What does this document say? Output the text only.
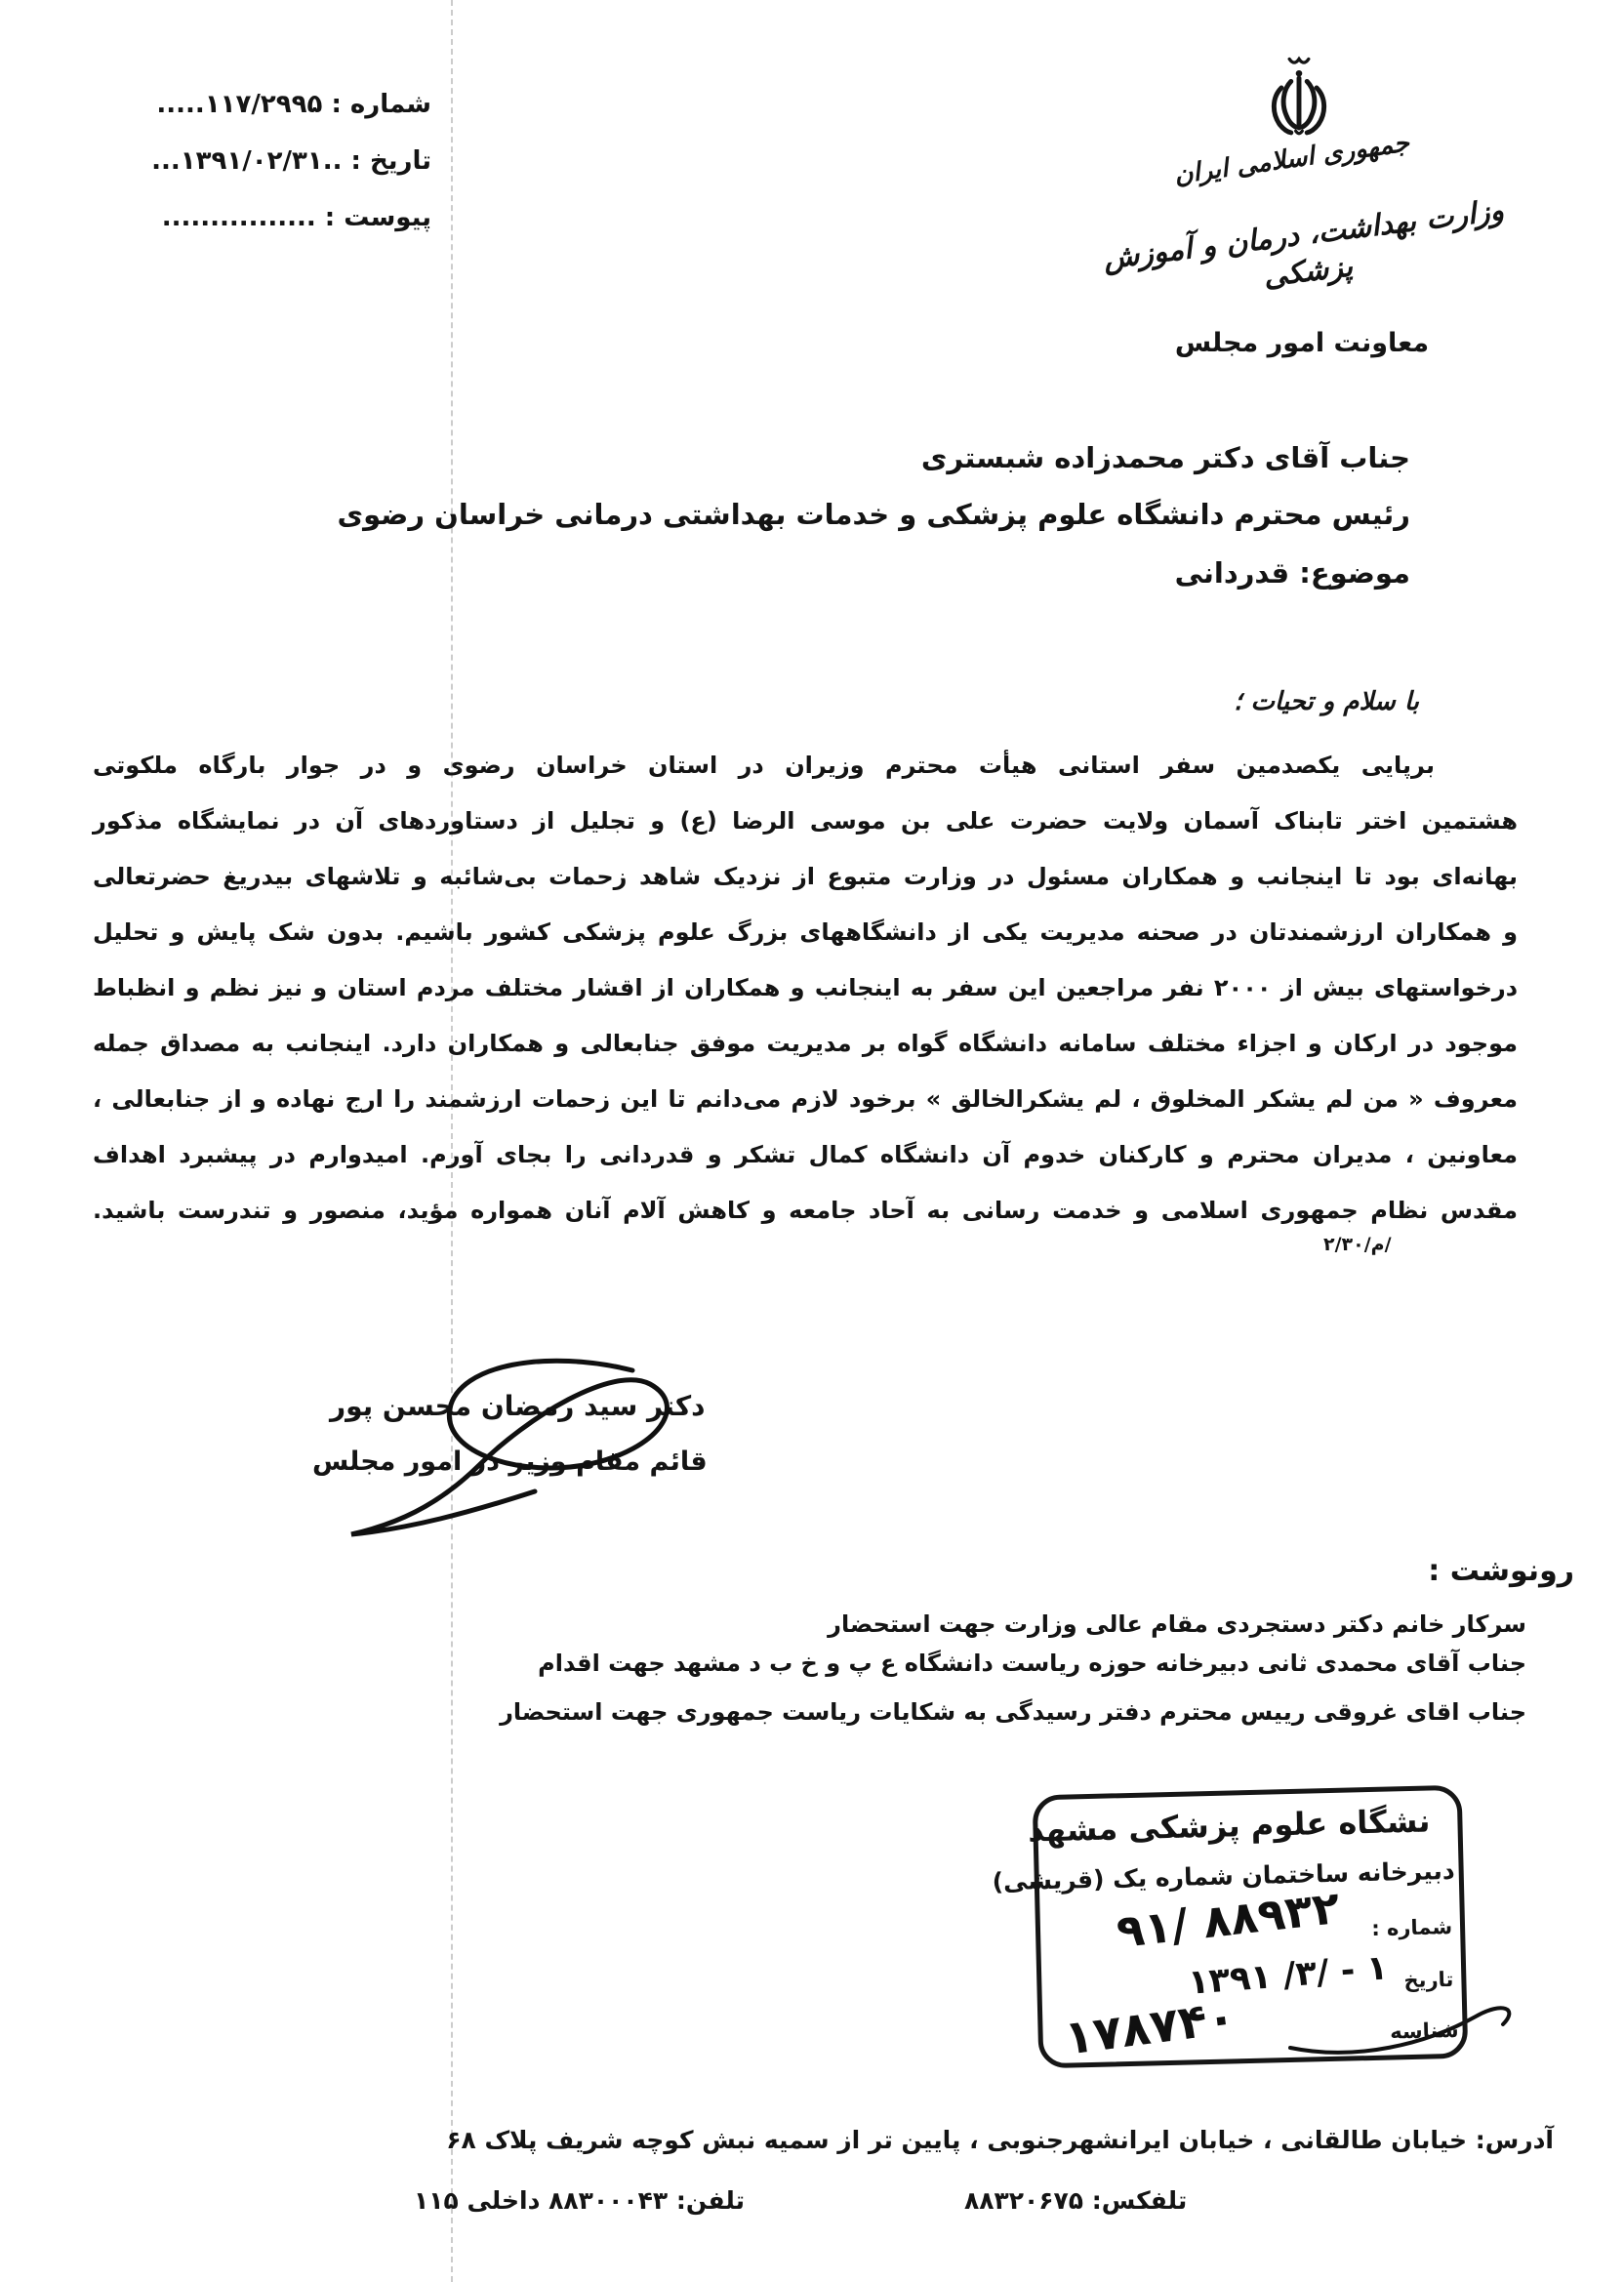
شماره : ۱۱۷/۲۹۹۵.....
تاریخ : ..۱۳۹۱/۰۲/۳۱...
پیوست : ................
جمهوری اسلامی ایران
وزارت بهداشت، درمان و آموزش پزشکی
معاونت امور مجلس
جناب آقای دکتر محمدزاده شبستری
رئیس محترم دانشگاه علوم پزشکی و خدمات بهداشتی درمانی خراسان رضوی
موضوع: قدردانی
با سلام و تحیات ؛
برپایی یکصدمین سفر استانی هیأت محترم وزیران در استان خراسان رضوی و در جوار بارگاه ملکوتی
هشتمین اختر تابناک آسمان ولایت حضرت علی بن موسی الرضا (ع) و تجلیل از دستاوردهای آن در نمایشگاه مذکور
بهانه‌ای بود تا اینجانب و همکاران مسئول در وزارت متبوع از نزدیک شاهد زحمات بی‌شائبه و تلاشهای بیدریغ حضرتعالی
و همکاران ارزشمندتان در صحنه مدیریت یکی از دانشگاههای بزرگ علوم پزشکی کشور باشیم. بدون شک پایش و تحلیل
درخواستهای بیش از ۲۰۰۰ نفر مراجعین این سفر به اینجانب و همکاران از اقشار مختلف مردم استان و نیز نظم و انظباط
موجود در ارکان و اجزاء مختلف سامانه دانشگاه گواه بر مدیریت موفق جنابعالی و همکاران دارد. اینجانب به مصداق جمله
معروف « من لم یشکر المخلوق ، لم یشکرالخالق » برخود لازم می‌دانم تا این زحمات ارزشمند را ارج نهاده و از جنابعالی ،
معاونین ، مدیران محترم و کارکنان خدوم آن دانشگاه کمال تشکر و قدردانی را بجای آورم. امیدوارم در پیشبرد اهداف
مقدس نظام جمهوری اسلامی و خدمت رسانی به آحاد جامعه و کاهش آلام آنان همواره مؤید، منصور و تندرست باشید.
۲/۳۰/م/
دکتر سید رمضان محسن پور
قائم مقام وزیر در امور مجلس
رونوشت :
سرکار خانم دکتر دستجردی مقام عالی وزارت جهت استحضار
جناب آقای محمدی ثانی دبیرخانه حوزه ریاست دانشگاه ع پ و خ ب د مشهد جهت اقدام
جناب اقای غروقی رییس محترم دفتر رسیدگی به شکایات ریاست جمهوری جهت استحضار
نشگاه علوم پزشکی مشهد
دبیرخانه ساختمان شماره یک (قریشی)
شماره :
۹۱/ ۸۸۹۳۲
تاریخ
۱۳۹۱ /۳/ - ۱
شناسه
۱۷۸۷۴۰
آدرس: خیابان طالقانی ، خیابان ایرانشهرجنوبی ، پایین تر از سمیه نبش کوچه شریف پلاک ۶۸
تلفکس: ۸۸۳۲۰۶۷۵
تلفن: ۸۸۳۰۰۰۴۳ داخلی ۱۱۵
